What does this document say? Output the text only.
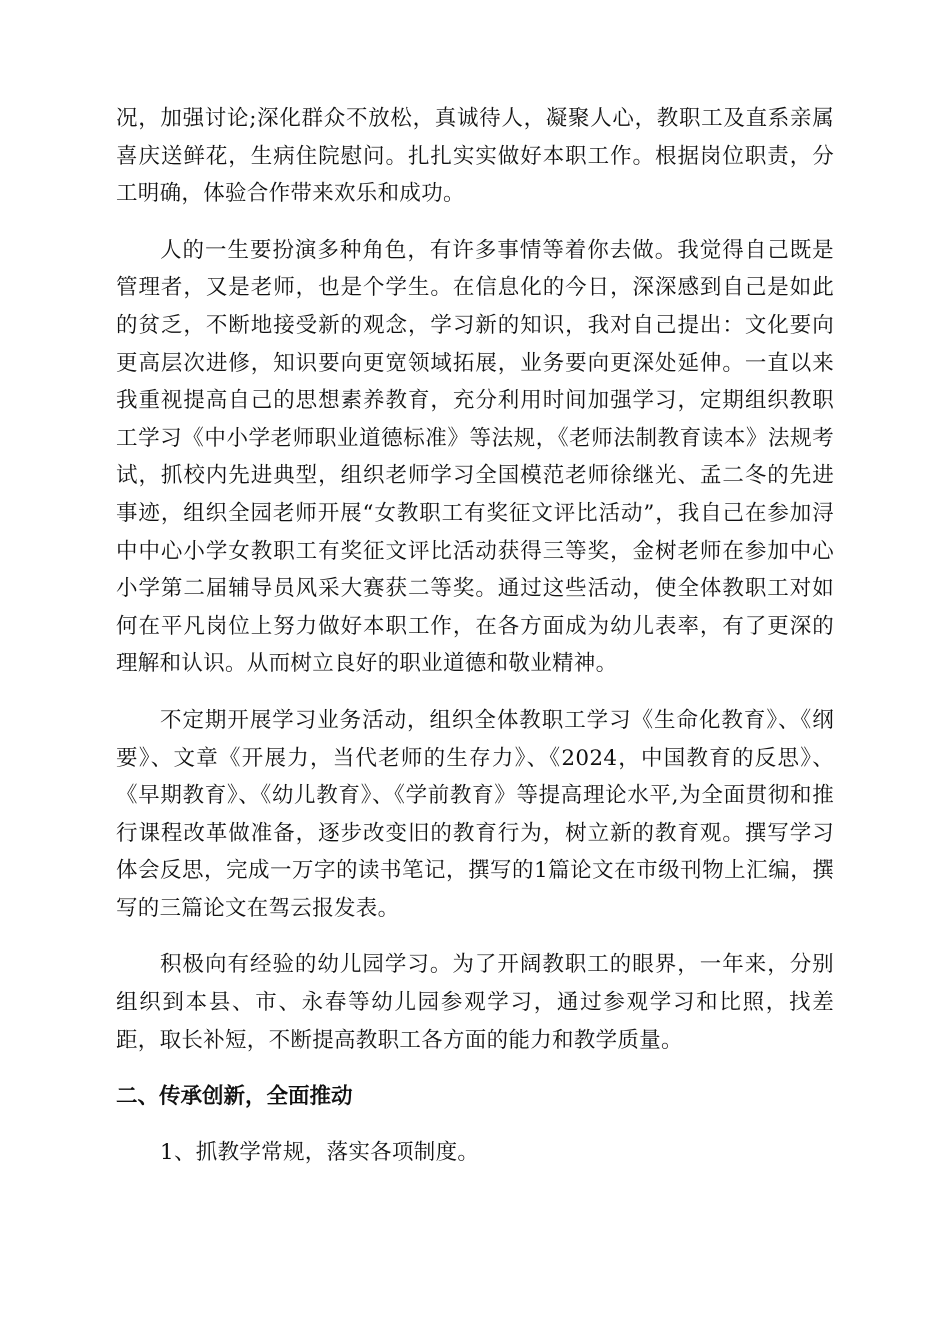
况，加强讨论;深化群众不放松，真诚待人，凝聚人心，教职工及直系亲属喜庆送鲜花，生病住院慰问。扎扎实实做好本职工作。根据岗位职责，分工明确，体验合作带来欢乐和成功。

人的一生要扮演多种角色，有许多事情等着你去做。我觉得自己既是管理者，又是老师，也是个学生。在信息化的今日，深深感到自己是如此的贫乏，不断地接受新的观念，学习新的知识，我对自己提出：文化要向更高层次进修，知识要向更宽领域拓展，业务要向更深处延伸。一直以来我重视提高自己的思想素养教育，充分利用时间加强学习，定期组织教职工学习《中小学老师职业道德标准》等法规，《老师法制教育读本》法规考试，抓校内先进典型，组织老师学习全国模范老师徐继光、孟二冬的先进事迹，组织全园老师开展“女教职工有奖征文评比活动”，我自己在参加浔中中心小学女教职工有奖征文评比活动获得三等奖，金树老师在参加中心小学第二届辅导员风采大赛获二等奖。通过这些活动，使全体教职工对如何在平凡岗位上努力做好本职工作，在各方面成为幼儿表率，有了更深的理解和认识。从而树立良好的职业道德和敬业精神。

不定期开展学习业务活动，组织全体教职工学习《生命化教育》、《纲要》、文章《开展力，当代老师的生存力》、《2024，中国教育的反思》、《早期教育》、《幼儿教育》、《学前教育》等提高理论水平,为全面贯彻和推行课程改革做准备，逐步改变旧的教育行为，树立新的教育观。撰写学习体会反思，完成一万字的读书笔记，撰写的1篇论文在市级刊物上汇编，撰写的三篇论文在驾云报发表。

积极向有经验的幼儿园学习。为了开阔教职工的眼界，一年来，分别组织到本县、市、永春等幼儿园参观学习，通过参观学习和比照，找差距，取长补短，不断提高教职工各方面的能力和教学质量。

二、传承创新，全面推动

1、抓教学常规，落实各项制度。
